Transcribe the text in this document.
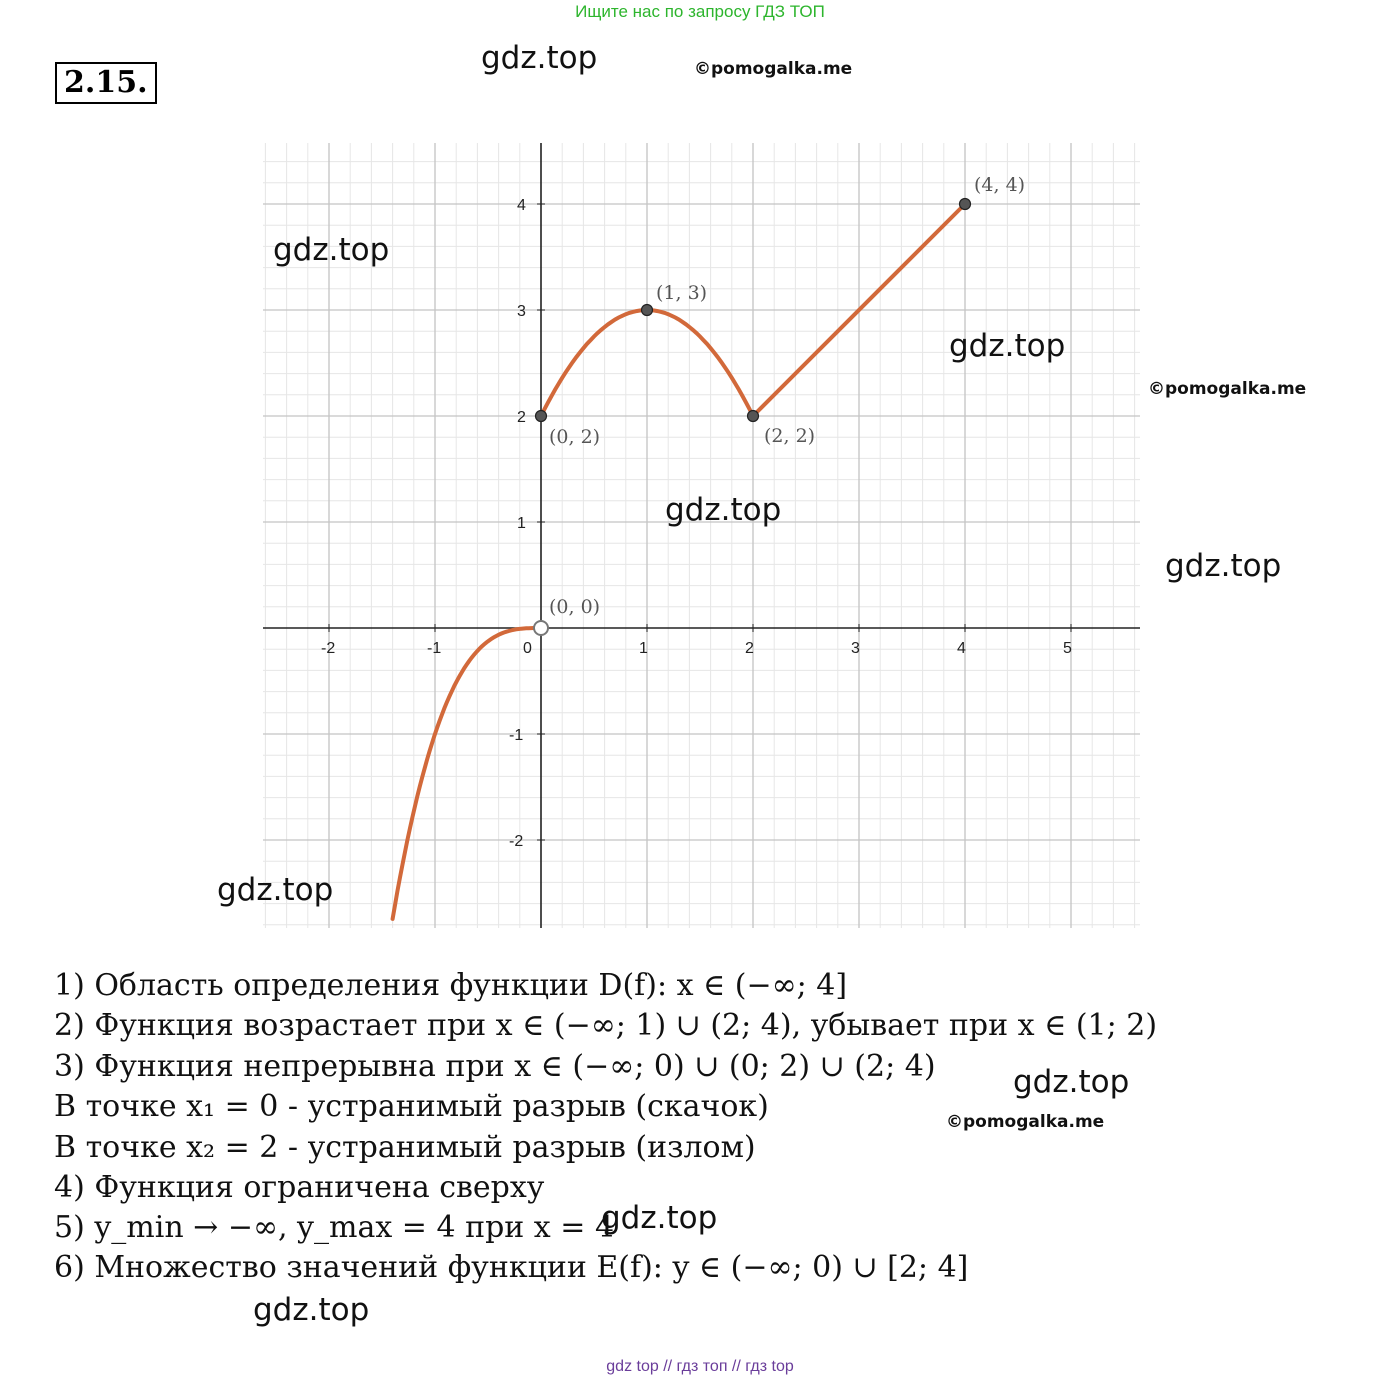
Ищите нас по запросу ГДЗ ТОП
2.15.
-2	-1	0	1	2	3	4	5
4
3
2
1
-1
-2
(4, 4)
(1, 3)
(0, 2)	(2, 2)
(0, 0)
gdz.top
gdz.top
gdz.top
gdz.top
gdz.top
gdz.top
gdz.top
gdz.top
gdz.top
©pomogalka.me
©pomogalka.me
©pomogalka.me
1) Область определения функции D(f): x ∈ (−∞; 4]
2) Функция возрастает при x ∈ (−∞; 1) ∪ (2; 4), убывает при x ∈ (1; 2)
3) Функция непрерывна при x ∈ (−∞; 0) ∪ (0; 2) ∪ (2; 4)
В точке x₁ = 0 - устранимый разрыв (скачок)
В точке x₂ = 2 - устранимый разрыв (излом)
4) Функция ограничена сверху
5) y_min → −∞, y_max = 4 при x = 4
6) Множество значений функции E(f): y ∈ (−∞; 0) ∪ [2; 4]
gdz top // гдз топ // гдз top
